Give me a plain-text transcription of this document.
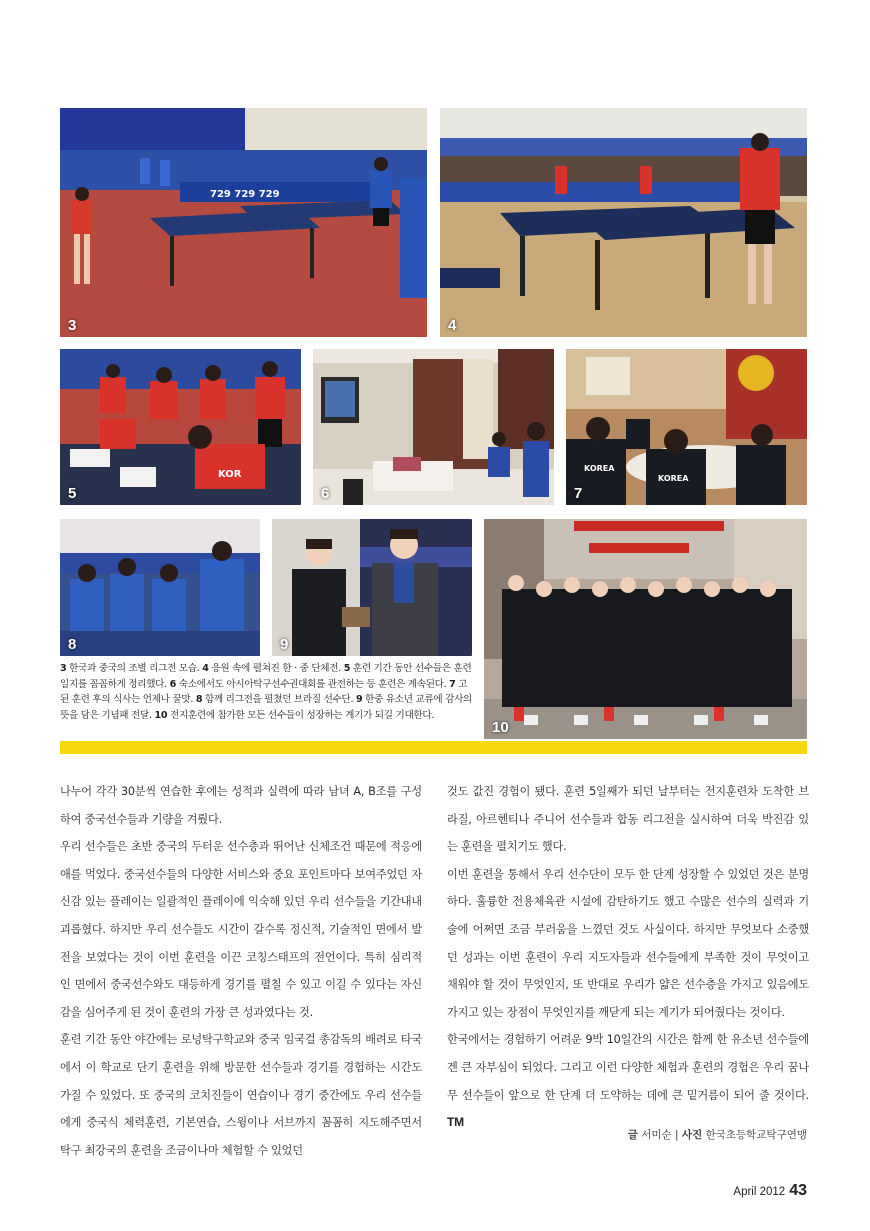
729 729 729
3	4
KOR
5	6
KOREA
KOREA
7
8	9
10
3 한국과 중국의 조별 리그전 모습. 4 응원 속에 펼쳐진 한 · 중 단체전. 5 훈련 기간 동안 선수들은 훈련일지를 꼼꼼하게 정리했다. 6 숙소에서도 아시아탁구선수권대회를 관전하는 등 훈련은 계속된다. 7 고된 훈련 후의 식사는 언제나 꿀맛. 8 함께 리그전을 펼쳤던 브라질 선수단. 9 한중 유소년 교류에 감사의 뜻을 담은 기념패 전달. 10 전지훈련에 참가한 모든 선수들이 성장하는 계기가 되길 기대한다.

나누어 각각 30분씩 연습한 후에는 성적과 실력에 따라 남녀 A, B조를 구성하여 중국선수들과 기량을 겨뤘다.

우리 선수들은 초반 중국의 두터운 선수층과 뛰어난 신체조건 때문에 적응에 애를 먹었다. 중국선수들의 다양한 서비스와 중요 포인트마다 보여주었던 자신감 있는 플레이는 일괄적인 플레이에 익숙해 있던 우리 선수들을 기간내내 괴롭혔다. 하지만 우리 선수들도 시간이 갈수록 정신적, 기술적인 면에서 발전을 보였다는 것이 이번 훈련을 이끈 코칭스태프의 전언이다. 특히 심리적인 면에서 중국선수와도 대등하게 경기를 펼칠 수 있고 이길 수 있다는 자신감을 심어주게 된 것이 훈련의 가장 큰 성과였다는 것.

훈련 기간 동안 야간에는 로넝탁구학교와 중국 임국걸 총감독의 배려로 타국에서 이 학교로 단기 훈련을 위해 방문한 선수들과 경기를 경험하는 시간도 가질 수 있었다. 또 중국의 코치진들이 연습이나 경기 중간에도 우리 선수들에게 중국식 체력훈련, 기본연습, 스윙이나 서브까지 꼼꼼히 지도해주면서 탁구 최강국의 훈련을 조금이나마 체험할 수 있었던

것도 값진 경험이 됐다. 훈련 5일째가 되던 날부터는 전지훈련차 도착한 브라질, 아르헨티나 주니어 선수들과 합동 리그전을 실시하여 더욱 박진감 있는 훈련을 펼치기도 했다.

이번 훈련을 통해서 우리 선수단이 모두 한 단계 성장할 수 있었던 것은 분명하다. 훌륭한 전용체육관 시설에 감탄하기도 했고 수많은 선수의 실력과 기술에 어쩌면 조금 부러움을 느꼈던 것도 사실이다. 하지만 무엇보다 소중했던 성과는 이번 훈련이 우리 지도자들과 선수들에게 부족한 것이 무엇이고 채워야 할 것이 무엇인지, 또 반대로 우리가 얇은 선수층을 가지고 있음에도 가지고 있는 장점이 무엇인지를 깨닫게 되는 계기가 되어줬다는 것이다.

한국에서는 경험하기 어려운 9박 10일간의 시간은 함께 한 유소년 선수들에겐 큰 자부심이 되었다. 그리고 이런 다양한 체험과 훈련의 경험은 우리 꿈나무 선수들이 앞으로 한 단계 더 도약하는 데에 큰 밑거름이 되어 줄 것이다. TM

글 서미순 | 사진 한국초등학교탁구연맹
April 2012 43
